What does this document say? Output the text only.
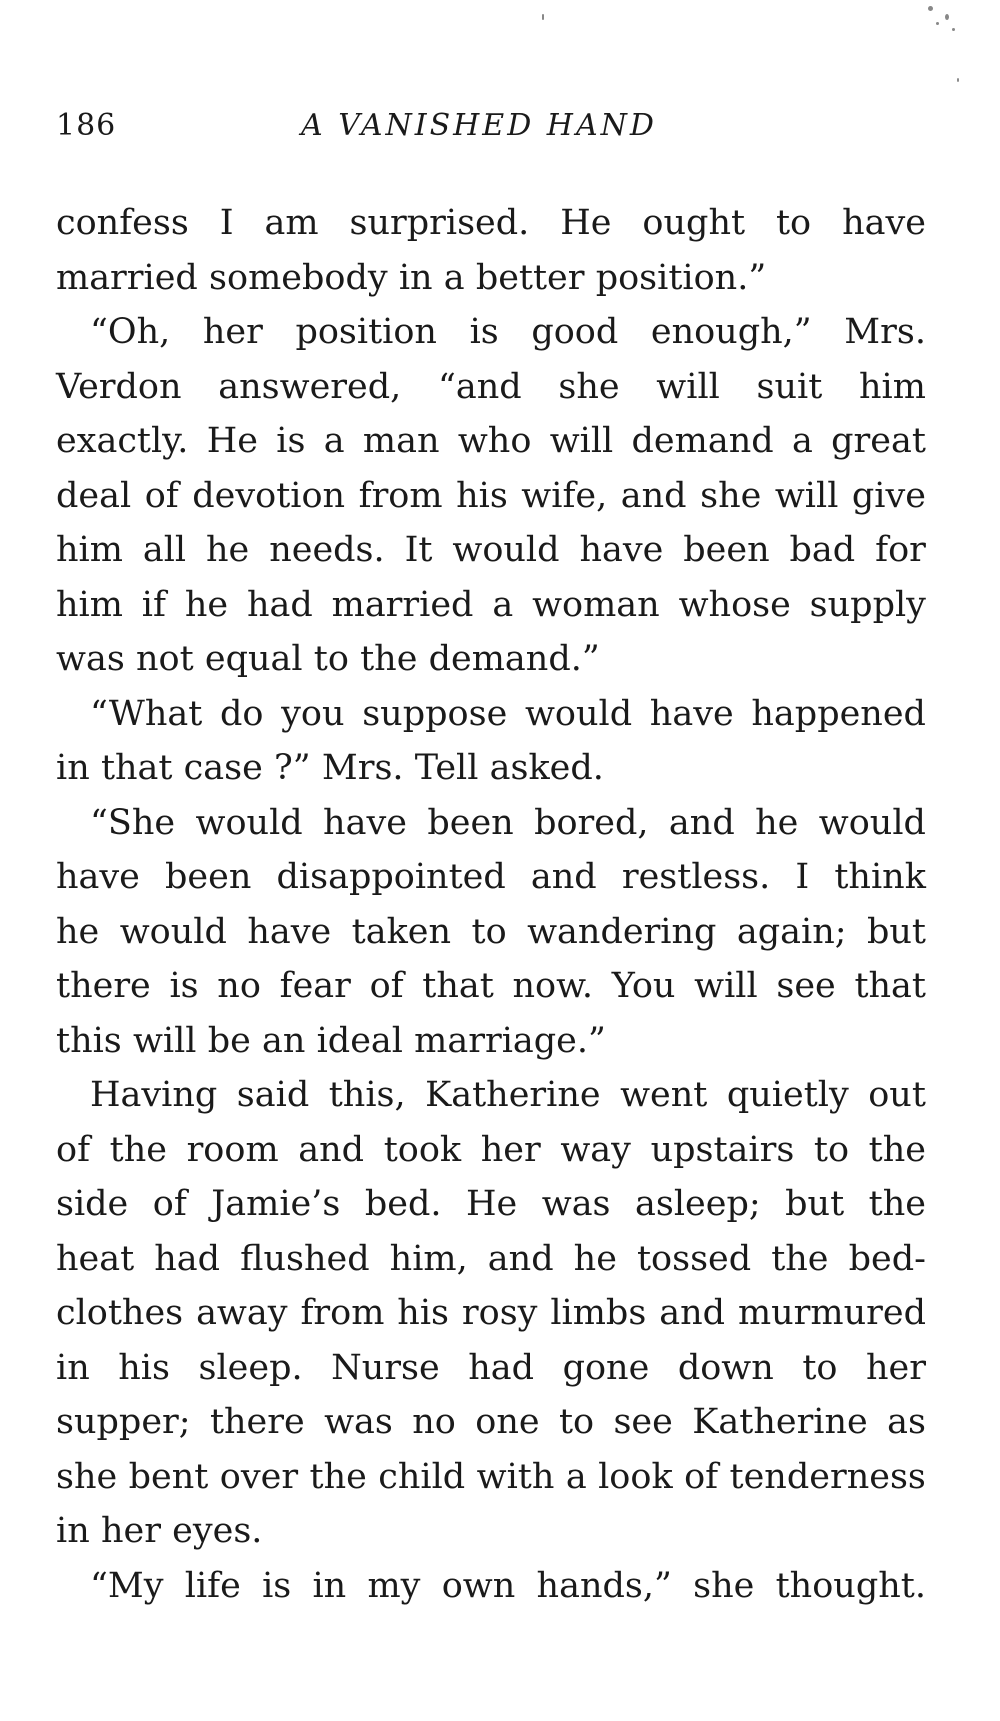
186	A VANISHED HAND
confess I am surprised. He ought to have
married somebody in a better position.”
“Oh, her position is good enough,” Mrs.
Verdon answered, “and she will suit him
exactly. He is a man who will demand a great
deal of devotion from his wife, and she will give
him all he needs. It would have been bad for
him if he had married a woman whose supply
was not equal to the demand.”
“What do you suppose would have happened
in that case ?” Mrs. Tell asked.
“She would have been bored, and he would
have been disappointed and restless. I think
he would have taken to wandering again; but
there is no fear of that now. You will see that
this will be an ideal marriage.”
Having said this, Katherine went quietly out
of the room and took her way upstairs to the
side of Jamie’s bed. He was asleep; but the
heat had flushed him, and he tossed the bed-
clothes away from his rosy limbs and murmured
in his sleep. Nurse had gone down to her
supper; there was no one to see Katherine as
she bent over the child with a look of tenderness
in her eyes.
“My life is in my own hands,” she thought.
